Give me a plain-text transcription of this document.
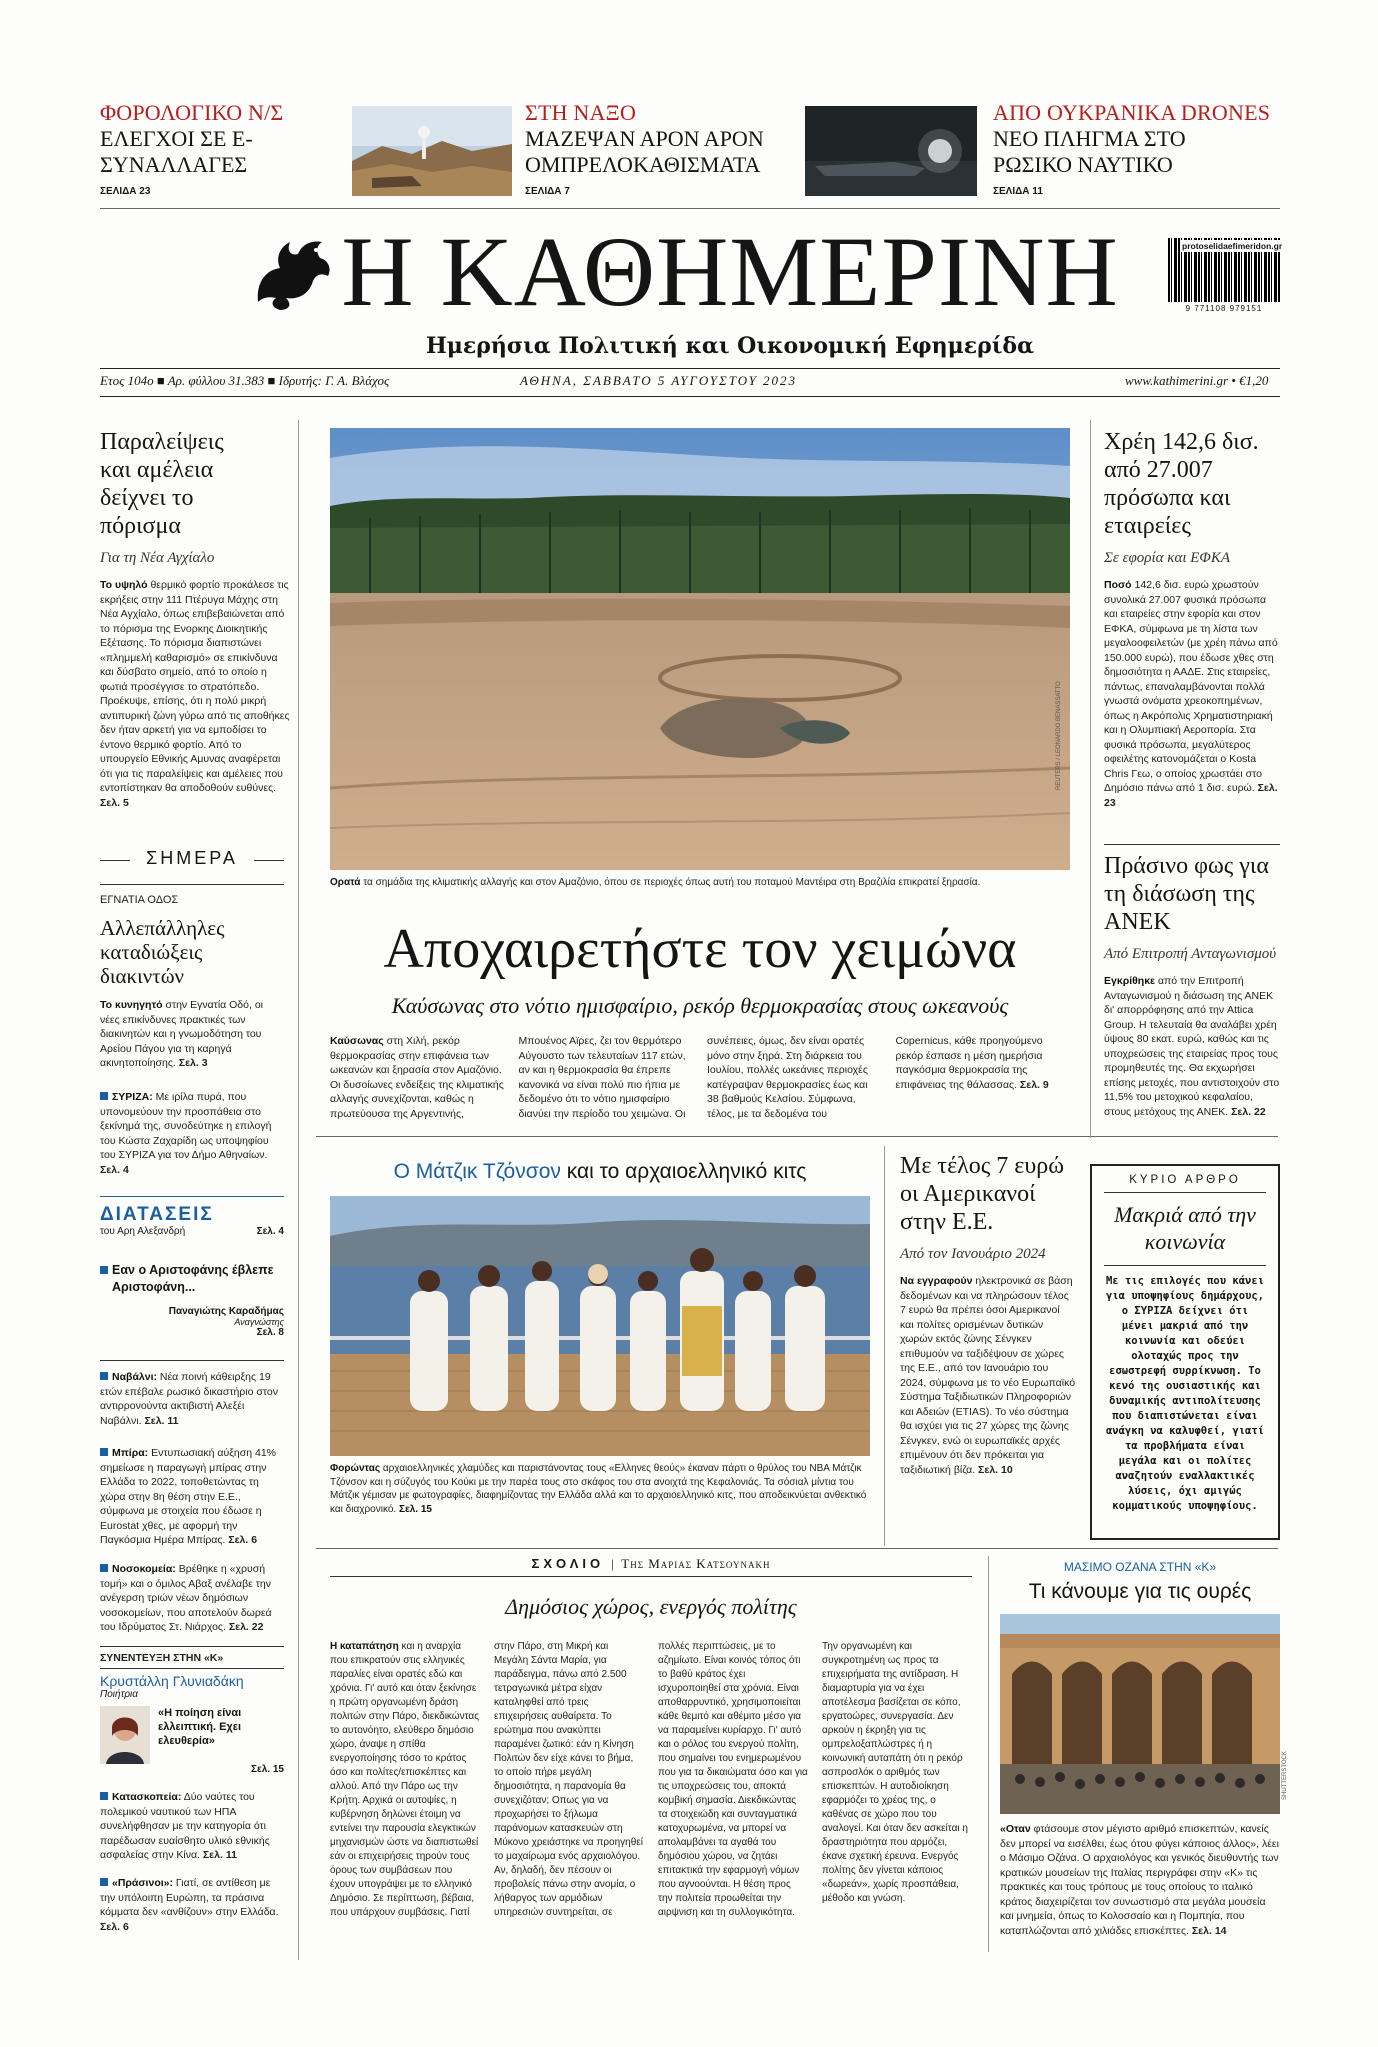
ΦΟΡΟΛΟΓΙΚΟ Ν/Σ
ΕΛΕΓΧΟΙ ΣΕ E-ΣΥΝΑΛΛΑΓΕΣ
ΣΕΛΙΔΑ 23
ΣΤΗ ΝΑΞΟ
ΜΑΖΕΨΑΝ ΑΡΟΝ ΑΡΟΝ ΟΜΠΡΕΛΟΚΑΘΙΣΜΑΤΑ
ΣΕΛΙΔΑ 7
ΑΠΟ ΟΥΚΡΑΝΙΚΑ DRONES
ΝΕΟ ΠΛΗΓΜΑ ΣΤΟ ΡΩΣΙΚΟ ΝΑΥΤΙΚΟ
ΣΕΛΙΔΑ 11
Η ΚΑΘΗΜΕΡΙΝΗ
Ημερήσια Πολιτική και Οικονομική Εφημερίδα
9 771108 979151
protoselidaefimeridon.gr
Ετος 104ο ■ Αρ. φύλλου 31.383 ■ Ιδρυτής: Γ. Α. Βλάχος	ΑΘΗΝΑ, ΣΑΒΒΑΤΟ 5 ΑΥΓΟΥΣΤΟΥ 2023	www.kathimerini.gr • €1,20
Παραλείψεις και αμέλεια δείχνει το πόρισμα
Για τη Νέα Αγχίαλο
Το υψηλό θερμικό φορτίο προκάλεσε τις εκρήξεις στην 111 Πτέρυγα Μάχης στη Νέα Αγχίαλο, όπως επιβεβαιώνεται από το πόρισμα της Ενορκης Διοικητικής Εξέτασης. Το πόρισμα διαπιστώνει «πλημμελή καθαρισμό» σε επικίνδυνα και δύσβατο σημείο, από το οποίο η φωτιά προσέγγισε το στρατόπεδο. Προέκυψε, επίσης, ότι η πολύ μικρή αντιπυρική ζώνη γύρω από τις αποθήκες δεν ήταν αρκετή για να εμποδίσει το έντονο θερμικό φορτίο. Από το υπουργείο Εθνικής Αμυνας αναφέρεται ότι για τις παραλείψεις και αμέλειες που εντοπίστηκαν θα αποδοθούν ευθύνες. Σελ. 5
ΣΗΜΕΡΑ
ΕΓΝΑΤΙΑ ΟΔΟΣ
Αλλεπάλληλες καταδιώξεις διακιντών
Το κυνηγητό στην Εγνατία Οδό, οι νέες επικίνδυνες πρακτικές των διακινητών και η γνωμοδότηση του Αρείου Πάγου για τη καρηγά ακινητοποίησης. Σελ. 3
ΣΥΡΙΖΑ: Με ιρίλα πυρά, που υπονομεύουν την προσπάθεια στο ξεκίνημά της, συνοδεύτηκε η επιλογή του Κώστα Ζαχαρίδη ως υποψηφίου του ΣΥΡΙΖΑ για τον Δήμο Αθηναίων. Σελ. 4
ΔΙΑΤΑΣΕΙΣ
του Αρη Αλεξανδρή	Σελ. 4
Εαν ο Αριστοφάνης έβλεπε Αριστοφάνη...
Παναγιώτης Καραδήμας
Αναγνώστης
Σελ. 8
Ναβάλνι: Νέα ποινή κάθειρξης 19 ετών επέβαλε ρωσικό δικαστήριο στον αντιρρονούντα ακτιβιστή Αλεξέι Ναβάλνι. Σελ. 11
Μπίρα: Εντυπωσιακή αύξηση 41% σημείωσε η παραγωγή μπίρας στην Ελλάδα το 2022, τοποθετώντας τη χώρα στην 8η θέση στην Ε.Ε., σύμφωνα με στοιχεία που έδωσε η Eurostat χθες, με αφορμή την Παγκόσμια Ημέρα Μπίρας. Σελ. 6
Νοσοκομεία: Βρέθηκε η «χρυσή τομή» και ο όμιλος Αβαξ ανέλαβε την ανέγερση τριών νέων δημόσιων νοσοκομείων, που αποτελούν δωρεά του Ιδρύματος Στ. Νιάρχος. Σελ. 22
ΣΥΝΕΝΤΕΥΞΗ ΣΤΗΝ «Κ»
Κρυστάλλη Γλυνιαδάκη
Ποιήτρια
«Η ποίηση είναι ελλειπτική. Εχει ελευθερία»
Σελ. 15
Κατασκοπεία: Δύο ναύτες του πολεμικού ναυτικού των ΗΠΑ συνελήφθησαν με την κατηγορία ότι παρέδωσαν ευαίσθητο υλικό εθνικής ασφαλείας στην Κίνα. Σελ. 11
«Πράσινοι»: Γιατί, σε αντίθεση με την υπόλοιπη Ευρώπη, τα πράσινα κόμματα δεν «ανθίζουν» στην Ελλάδα. Σελ. 6
REUTERS / LEONARDO BENASSATTO
Ορατά τα σημάδια της κλιματικής αλλαγής και στον Αμαζόνιο, όπου σε περιοχές όπως αυτή του ποταμού Μαντέιρα στη Βραζιλία επικρατεί ξηρασία.
Αποχαιρετήστε τον χειμώνα
Καύσωνας στο νότιο ημισφαίριο, ρεκόρ θερμοκρασίας στους ωκεανούς
Καύσωνας στη Χιλή, ρεκόρ θερμοκρασίας στην επιφάνεια των ωκεανών και ξηρασία στον Αμαζόνιο. Οι δυσοίωνες ενδείξεις της κλιματικής αλλαγής συνεχίζονται, καθώς η πρωτεύουσα της Αργεντινής, Μπουένος Αϊρες, ζει τον θερμότερο Αύγουστο των τελευταίων 117 ετών, αν και η θερμοκρασία θα έπρεπε κανονικά να είναι πολύ πιο ήπια με δεδομένο ότι το νότιο ημισφαίριο διανύει την περίοδο του χειμώνα. Οι συνέπειες, όμως, δεν είναι ορατές μόνο στην ξηρά. Στη διάρκεια του Ιουλίου, πολλές ωκεάνιες περιοχές κατέγραψαν θερμοκρασίες έως και 38 βαθμούς Κελσίου. Σύμφωνα, τέλος, με τα δεδομένα του Copernicus, κάθε προηγούμενο ρεκόρ έσπασε η μέση ημερήσια παγκόσμια θερμοκρασία της επιφάνειας της θάλασσας. Σελ. 9
Χρέη 142,6 δισ. από 27.007 πρόσωπα και εταιρείες
Σε εφορία και ΕΦΚΑ
Ποσό 142,6 δισ. ευρώ χρωστούν συνολικά 27.007 φυσικά πρόσωπα και εταιρείες στην εφορία και στον ΕΦΚΑ, σύμφωνα με τη λίστα των μεγαλοοφειλετών (με χρέη πάνω από 150.000 ευρώ), που έδωσε χθες στη δημοσιότητα η ΑΑΔΕ. Στις εταιρείες, πάντως, επαναλαμβάνονται πολλά γνωστά ονόματα χρεοκοπημένων, όπως η Ακρόπολις Χρηματιστηριακή και η Ολυμπιακή Αεροπορία. Στα φυσικά πρόσωπα, μεγαλύτερος οφειλέτης κατονομάζεται ο Kosta Chris Γεω, ο οποίος χρωστάει στο Δημόσιο πάνω από 1 δισ. ευρώ. Σελ. 23
Πράσινο φως για τη διάσωση της ΑΝΕΚ
Από Επιτροπή Ανταγωνισμού
Εγκρίθηκε από την Επιτροπή Ανταγωνισμού η διάσωση της ΑΝΕΚ δι' απορρόφησης από την Attica Group. Η τελευταία θα αναλάβει χρέη ύψους 80 εκατ. ευρώ, καθώς και τις υποχρεώσεις της εταιρείας προς τους προμηθευτές της. Θα εκχωρήσει επίσης μετοχές, που αντιστοιχούν στο 11,5% του μετοχικού κεφαλαίου, στους μετόχους της ΑΝΕΚ. Σελ. 22
ΚΥΡΙΟ ΑΡΘΡΟ
Μακριά από την κοινωνία
Με τις επιλογές που κάνει για υποψηφίους δημάρχους, ο ΣΥΡΙΖΑ δείχνει ότι μένει μακριά από την κοινωνία και οδεύει ολοταχώς προς την εσωστρεφή συρρίκνωση. Το κενό της ουσιαστικής και δυναμικής αντιπολίτευσης που διαπιστώνεται είναι ανάγκη να καλυφθεί, γιατί τα προβλήματα είναι μεγάλα και οι πολίτες αναζητούν εναλλακτικές λύσεις, όχι αμιγώς κομματικούς υποψηφίους.
Ο Μάτζικ Τζόνσον και το αρχαιοελληνικό κιτς
Φορώντας αρχαιοελληνικές χλαμύδες και παριστάνοντας τους «Ελληνες θεούς» έκαναν πάρτι ο θρύλος του NBA Μάτζικ Τζόνσον και η σύζυγός του Κούκι με την παρέα τους στο σκάφος του στα ανοιχτά της Κεφαλονιάς. Τα σόσιαλ μίντια του Μάτζικ γέμισαν με φωτογραφίες, διαφημίζοντας την Ελλάδα αλλά και το αρχαιοελληνικό κιτς, που αποδεικνύεται ανθεκτικό και διαχρονικό. Σελ. 15
Με τέλος 7 ευρώ οι Αμερικανοί στην Ε.Ε.
Από τον Ιανουάριο 2024
Να εγγραφούν ηλεκτρονικά σε βάση δεδομένων και να πληρώσουν τέλος 7 ευρώ θα πρέπει όσοι Αμερικανοί και πολίτες ορισμένων δυτικών χωρών εκτός ζώνης Σένγκεν επιθυμούν να ταξιδέψουν σε χώρες της Ε.Ε., από τον Ιανουάριο του 2024, σύμφωνα με το νέο Ευρωπαϊκό Σύστημα Ταξιδιωτικών Πληροφοριών και Αδειών (ETIAS). Το νέο σύστημα θα ισχύει για τις 27 χώρες της ζώνης Σένγκεν, ενώ οι ευρωπαϊκές αρχές επιμένουν ότι δεν πρόκειται για ταξιδιωτική βίζα. Σελ. 10
ΣΧΟΛΙΟ | Της Μαριας Κατσουνακη
Δημόσιος χώρος, ενεργός πολίτης
Η καταπάτηση και η αναρχία που επικρατούν στις ελληνικές παραλίες είναι ορατές εδώ και χρόνια. Γι' αυτό και όταν ξεκίνησε η πρώτη οργανωμένη δράση πολιτών στην Πάρο, διεκδικώντας το αυτονόητο, ελεύθερο δημόσιο χώρο, άναψε η σπίθα ενεργοποίησης τόσο το κράτος όσο και πολίτες/επισκέπτες και αλλού. Από την Πάρο ως την Κρήτη. Αρχικά οι αυτοψίες, η κυβέρνηση δηλώνει έτοιμη να εντείνει την παρουσία ελεγκτικών μηχανισμών ώστε να διαπιστωθεί εάν οι επιχειρήσεις τηρούν τους όρους των συμβάσεων που έχουν υπογράψει με το ελληνικό Δημόσιο. Σε περίπτωση, βέβαια, που υπάρχουν συμβάσεις. Γιατί στην Πάρο, στη Μικρή και Μεγάλη Σάντα Μαρία, για παράδειγμα, πάνω από 2.500 τετραγωνικά μέτρα είχαν καταληφθεί από τρεις επιχειρήσεις αυθαίρετα. Το ερώτημα που ανακύπτει παραμένει ζωτικό: εάν η Κίνηση Πολιτών δεν είχε κάνει τo βήμα, το οποίο πήρε μεγάλη δημοσιότητα, η παρανομία θα συνεχιζόταν; Οπως για να προχωρήσει το ξήλωμα παράνομων κατασκευών στη Μύκονο χρειάστηκε να προηγηθεί το μαχαίρωμα ενός αρχαιολόγου. Αν, δηλαδή, δεν πέσουν οι προβολείς πάνω στην ανομία, ο λήθαργος των αρμόδιων υπηρεσιών συντηρείται, σε πολλές περιπτώσεις, με το αζημίωτο. Είναι κοινός τόπος ότι το βαθύ κράτος έχει ισχυροποιηθεί στα χρόνια. Είναι αποθαρρυντικό, χρησιμοποιείται κάθε θεμιτό και αθέμιτο μέσο για να παραμείνει κυρίαρχο. Γι' αυτό και ο ρόλος του ενεργού πολίτη, που σημαίνει του ενημερωμένου που για τα δικαιώματα όσο και για τις υποχρεώσεις του, αποκτά κομβική σημασία. Διεκδικώντας τα στοιχειώδη και συνταγματικά κατοχυρωμένα, να μπορεί να απολαμβάνει τα αγαθά του δημόσιου χώρου, να ζητάει επιτακτικά την εφαρμογή νόμων που αγνοούνται. Η θέση προς την πολιτεία προωθείται την αιρψνιση και τη συλλογικότητα. Την οργανωμένη και συγκροτημένη ως προς τα επιχειρήματα της αντίδραση. Η διαμαρτυρία για να έχει αποτέλεσμα βασίζεται σε κόπο, εργατοώρες, συνεργασία. Δεν αρκούν η έκρηξη για τις ομπρελοξαπλώστρες ή η κοινωνική αυταπάτη ότι η ρεκόρ ασπροσλόκ ο αριθμός των επισκεπτών. Η αυτοδιοίκηση εφαρμόζει το χρέος της, ο καθένας σε χώρο που του αναλογεί. Και όταν δεν ασκείται η δραστηριότητα που αρμόζει, έκανε σχετική έρευνα. Ενεργός πολίτης δεν γίνεται κάποιος «δωρεάν», χωρίς προσπάθεια, μέθοδο και γνώση.
ΜΑΣΙΜΟ ΟΖΑΝΑ ΣΤΗΝ «Κ»
Τι κάνουμε για τις ουρές
SHUTTERSTOCK
«Οταν φτάσουμε στον μέγιστο αριθμό επισκεπτών, κανείς δεν μπορεί να εισέλθει, έως ότου φύγει κάποιος άλλος», λέει ο Μάσιμο Οζάνα. Ο αρχαιολόγος και γενικός διευθυντής των κρατικών μουσείων της Ιταλίας περιγράφει στην «Κ» τις πρακτικές και τους τρόπους με τους οποίους το ιταλικό κράτος διαχειρίζεται τον συνωστισμό στα μεγάλα μουσεία και μνημεία, όπως το Κολοσσαίο και η Πομπηία, που καταπλώζονται από χιλιάδες επισκέπτες. Σελ. 14
